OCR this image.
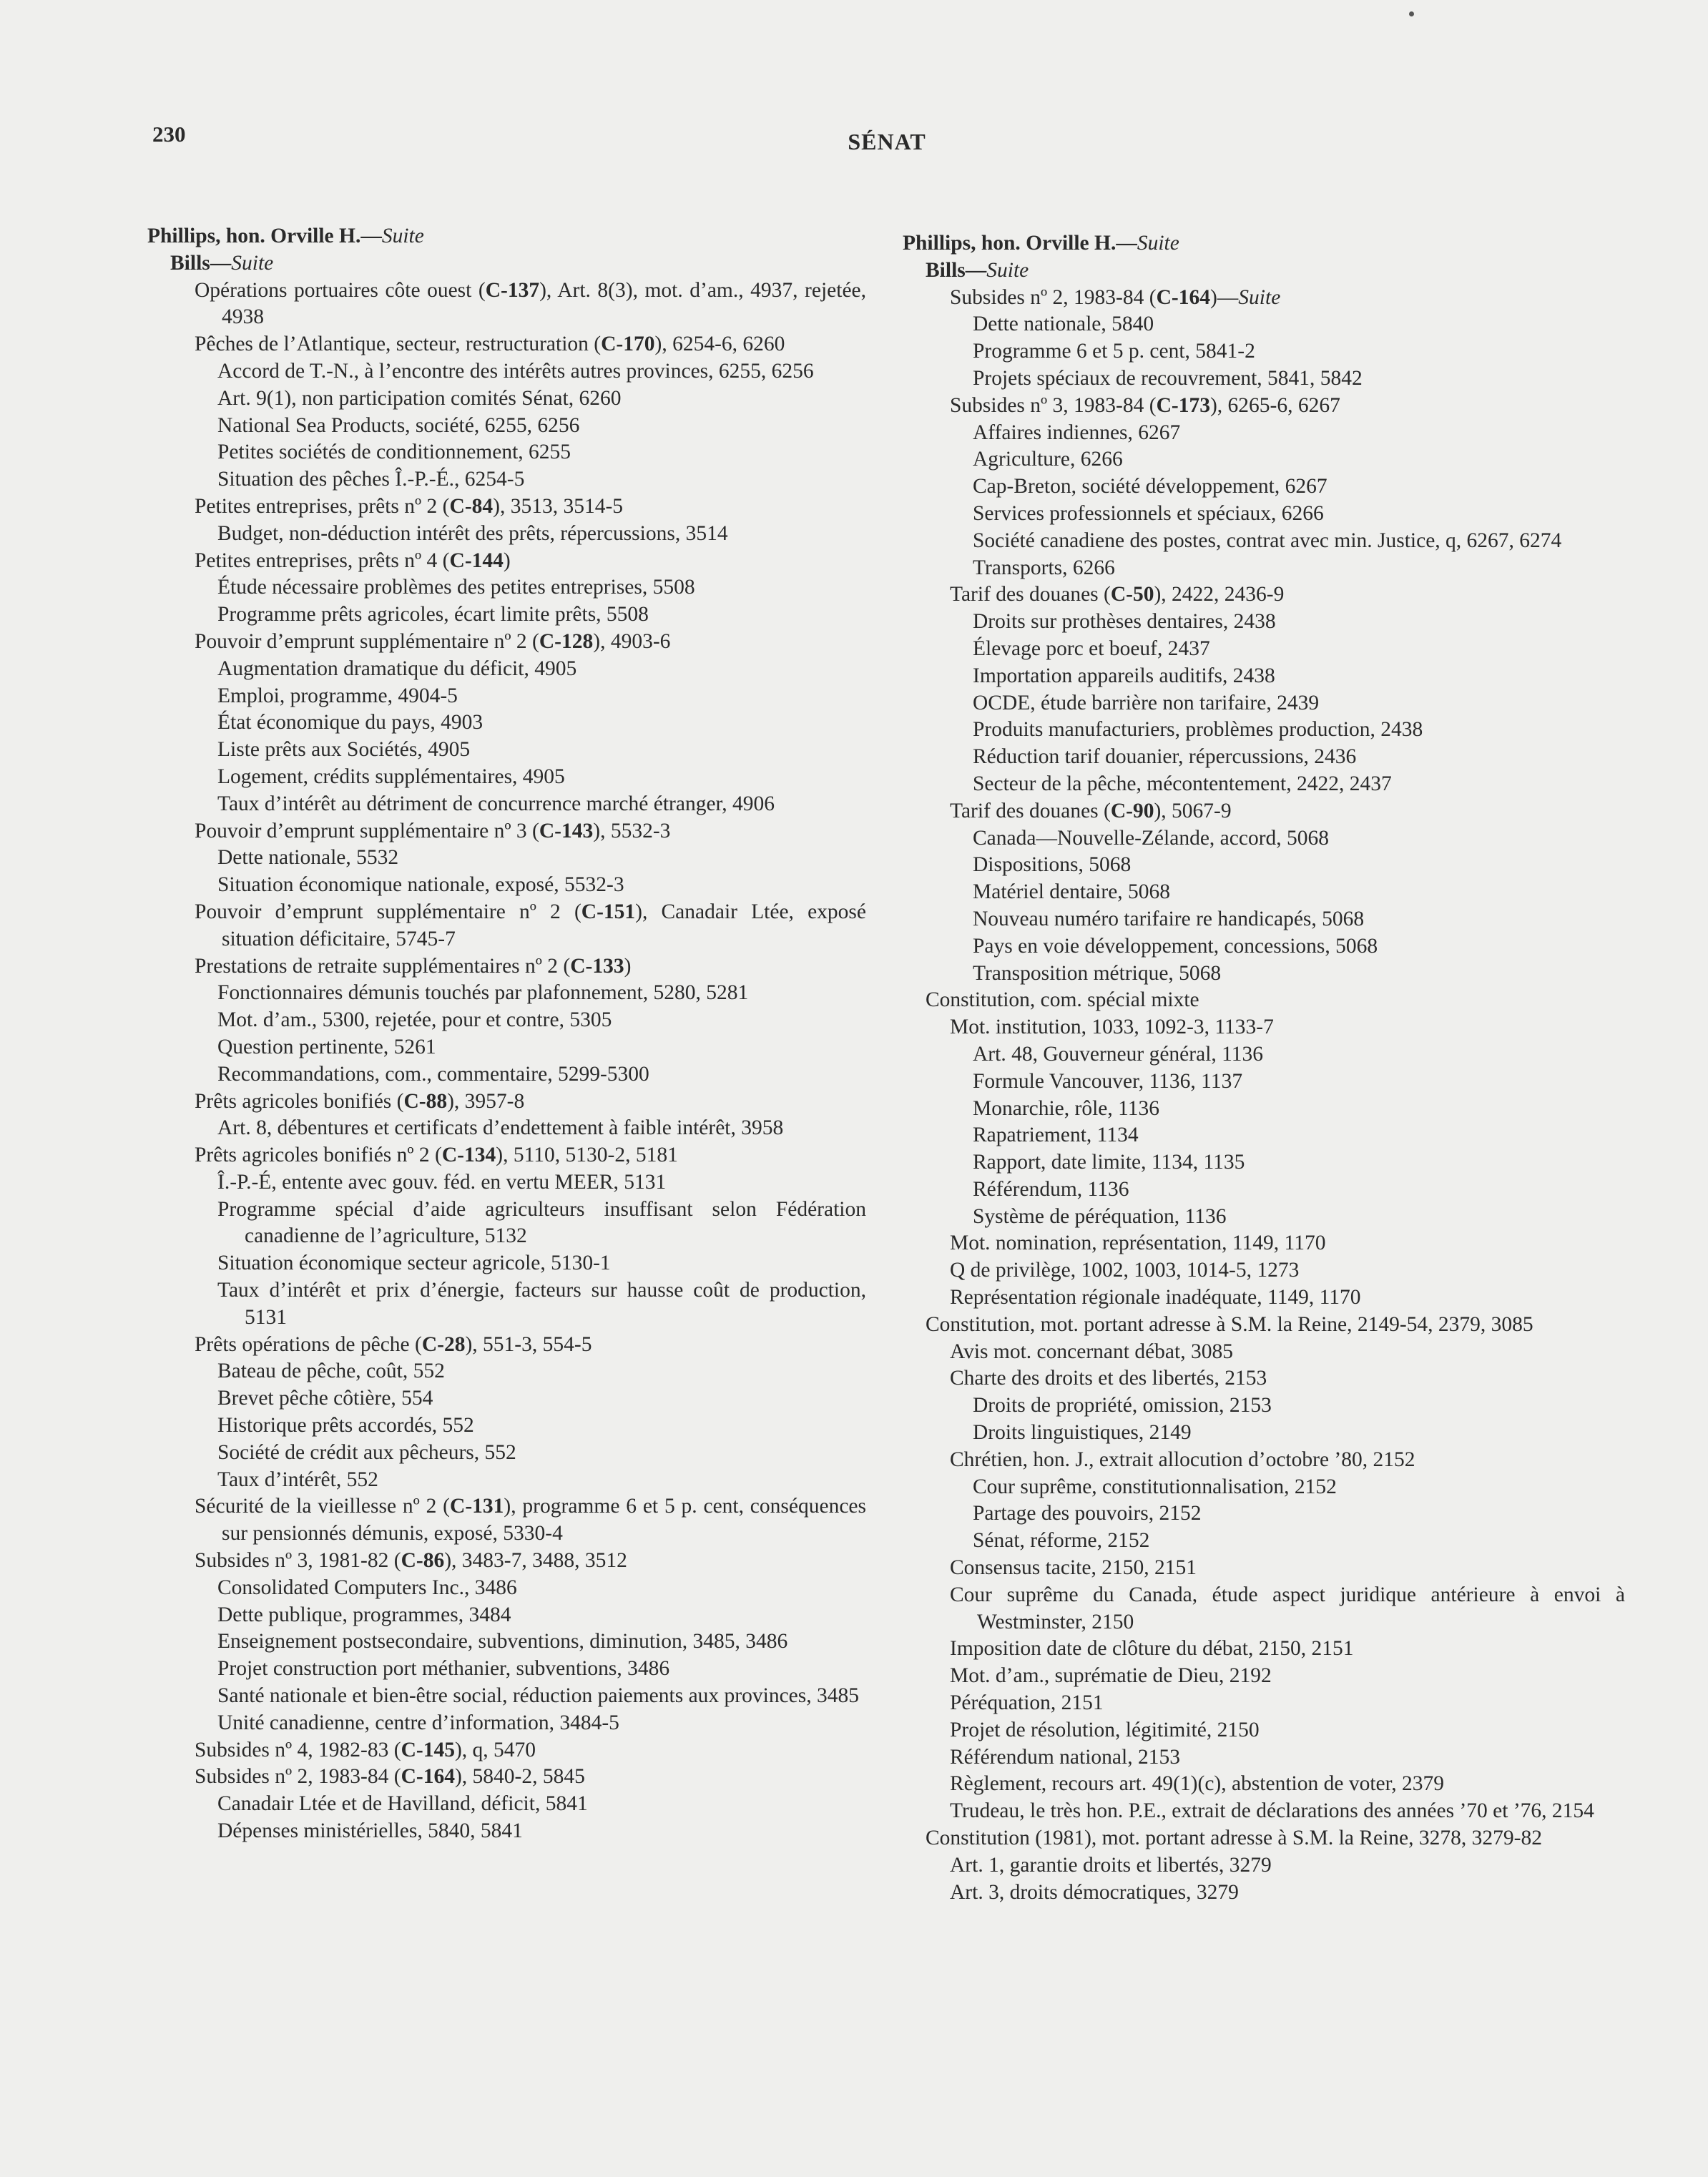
230	SÉNAT
Phillips, hon. Orville H.—Suite
Bills—Suite
Opérations portuaires côte ouest (C-137), Art. 8(3), mot. d’am., 4937, rejetée, 4938
Pêches de l’Atlantique, secteur, restructuration (C-170), 6254-6, 6260
Accord de T.-N., à l’encontre des intérêts autres provinces, 6255, 6256
Art. 9(1), non participation comités Sénat, 6260
National Sea Products, société, 6255, 6256
Petites sociétés de conditionnement, 6255
Situation des pêches Î.-P.-É., 6254-5
Petites entreprises, prêts nº 2 (C-84), 3513, 3514-5
Budget, non-déduction intérêt des prêts, répercussions, 3514
Petites entreprises, prêts nº 4 (C-144)
Étude nécessaire problèmes des petites entreprises, 5508
Programme prêts agricoles, écart limite prêts, 5508
Pouvoir d’emprunt supplémentaire nº 2 (C-128), 4903-6
Augmentation dramatique du déficit, 4905
Emploi, programme, 4904-5
État économique du pays, 4903
Liste prêts aux Sociétés, 4905
Logement, crédits supplémentaires, 4905
Taux d’intérêt au détriment de concurrence marché étranger, 4906
Pouvoir d’emprunt supplémentaire nº 3 (C-143), 5532-3
Dette nationale, 5532
Situation économique nationale, exposé, 5532-3
Pouvoir d’emprunt supplémentaire nº 2 (C-151), Canadair Ltée, exposé situation déficitaire, 5745-7
Prestations de retraite supplémentaires nº 2 (C-133)
Fonctionnaires démunis touchés par plafonnement, 5280, 5281
Mot. d’am., 5300, rejetée, pour et contre, 5305
Question pertinente, 5261
Recommandations, com., commentaire, 5299-5300
Prêts agricoles bonifiés (C-88), 3957-8
Art. 8, débentures et certificats d’endettement à faible intérêt, 3958
Prêts agricoles bonifiés nº 2 (C-134), 5110, 5130-2, 5181
Î.-P.-É, entente avec gouv. féd. en vertu MEER, 5131
Programme spécial d’aide agriculteurs insuffisant selon Fédération canadienne de l’agriculture, 5132
Situation économique secteur agricole, 5130-1
Taux d’intérêt et prix d’énergie, facteurs sur hausse coût de production, 5131
Prêts opérations de pêche (C-28), 551-3, 554-5
Bateau de pêche, coût, 552
Brevet pêche côtière, 554
Historique prêts accordés, 552
Société de crédit aux pêcheurs, 552
Taux d’intérêt, 552
Sécurité de la vieillesse nº 2 (C-131), programme 6 et 5 p. cent, conséquences sur pensionnés démunis, exposé, 5330-4
Subsides nº 3, 1981-82 (C-86), 3483-7, 3488, 3512
Consolidated Computers Inc., 3486
Dette publique, programmes, 3484
Enseignement postsecondaire, subventions, diminution, 3485, 3486
Projet construction port méthanier, subventions, 3486
Santé nationale et bien-être social, réduction paiements aux provinces, 3485
Unité canadienne, centre d’information, 3484-5
Subsides nº 4, 1982-83 (C-145), q, 5470
Subsides nº 2, 1983-84 (C-164), 5840-2, 5845
Canadair Ltée et de Havilland, déficit, 5841
Dépenses ministérielles, 5840, 5841
Phillips, hon. Orville H.—Suite
Bills—Suite
Subsides nº 2, 1983-84 (C-164)—Suite
Dette nationale, 5840
Programme 6 et 5 p. cent, 5841-2
Projets spéciaux de recouvrement, 5841, 5842
Subsides nº 3, 1983-84 (C-173), 6265-6, 6267
Affaires indiennes, 6267
Agriculture, 6266
Cap-Breton, société développement, 6267
Services professionnels et spéciaux, 6266
Société canadiene des postes, contrat avec min. Justice, q, 6267, 6274
Transports, 6266
Tarif des douanes (C-50), 2422, 2436-9
Droits sur prothèses dentaires, 2438
Élevage porc et boeuf, 2437
Importation appareils auditifs, 2438
OCDE, étude barrière non tarifaire, 2439
Produits manufacturiers, problèmes production, 2438
Réduction tarif douanier, répercussions, 2436
Secteur de la pêche, mécontentement, 2422, 2437
Tarif des douanes (C-90), 5067-9
Canada—Nouvelle-Zélande, accord, 5068
Dispositions, 5068
Matériel dentaire, 5068
Nouveau numéro tarifaire re handicapés, 5068
Pays en voie développement, concessions, 5068
Transposition métrique, 5068
Constitution, com. spécial mixte
Mot. institution, 1033, 1092-3, 1133-7
Art. 48, Gouverneur général, 1136
Formule Vancouver, 1136, 1137
Monarchie, rôle, 1136
Rapatriement, 1134
Rapport, date limite, 1134, 1135
Référendum, 1136
Système de péréquation, 1136
Mot. nomination, représentation, 1149, 1170
Q de privilège, 1002, 1003, 1014-5, 1273
Représentation régionale inadéquate, 1149, 1170
Constitution, mot. portant adresse à S.M. la Reine, 2149-54, 2379, 3085
Avis mot. concernant débat, 3085
Charte des droits et des libertés, 2153
Droits de propriété, omission, 2153
Droits linguistiques, 2149
Chrétien, hon. J., extrait allocution d’octobre ’80, 2152
Cour suprême, constitutionnalisation, 2152
Partage des pouvoirs, 2152
Sénat, réforme, 2152
Consensus tacite, 2150, 2151
Cour suprême du Canada, étude aspect juridique antérieure à envoi à Westminster, 2150
Imposition date de clôture du débat, 2150, 2151
Mot. d’am., suprématie de Dieu, 2192
Péréquation, 2151
Projet de résolution, légitimité, 2150
Référendum national, 2153
Règlement, recours art. 49(1)(c), abstention de voter, 2379
Trudeau, le très hon. P.E., extrait de déclarations des années ’70 et ’76, 2154
Constitution (1981), mot. portant adresse à S.M. la Reine, 3278, 3279-82
Art. 1, garantie droits et libertés, 3279
Art. 3, droits démocratiques, 3279
